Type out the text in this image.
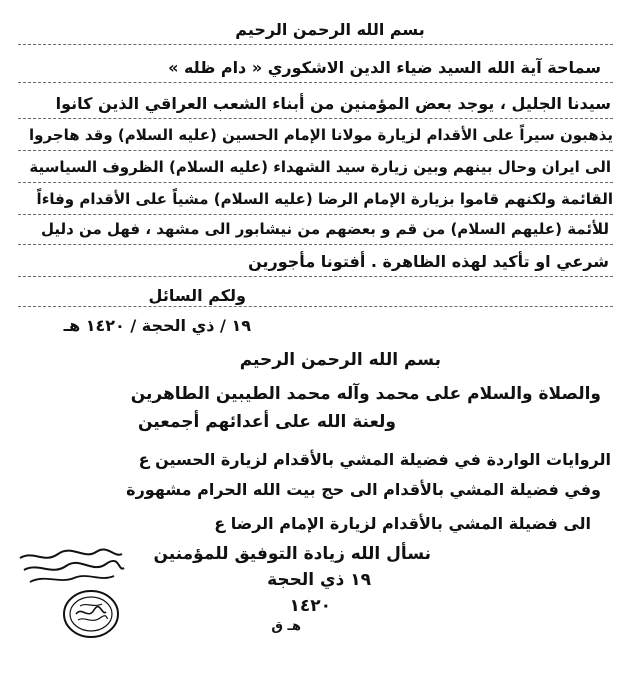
بسم الله الرحمن الرحيم
سماحة آية الله السيد ضياء الدين الاشكوري « دام ظله »
سيدنا الجليل ، يوجد بعض المؤمنين من أبناء الشعب العراقي الذين كانوا
يذهبون سيراً على الأقدام لزيارة مولانا الإمام الحسين (عليه السلام) وقد هاجروا
الى ايران وحال بينهم وبين زيارة سيد الشهداء (عليه السلام) الظروف السياسية
القائمة ولكنهم قاموا بزيارة الإمام الرضا (عليه السلام) مشياً على الأقدام وفاءاً
للأئمة (عليهم السلام) من قم و بعضهم من نيشابور الى مشهد ، فهل من دليل
شرعي او تأكيد لهذه الظاهرة . أفتونا مأجورين
ولكم السائل
١٩ / ذي الحجة / ١٤٢٠ هـ
بسم الله الرحمن الرحيم
والصلاة والسلام على محمد وآله محمد الطيبين الطاهرين
ولعنة الله على أعدائهم أجمعين
الروايات الواردة في فضيلة المشي بالأقدام لزيارة الحسين ع
وفي فضيلة المشي بالأقدام الى حج بيت الله الحرام مشهورة
الى فضيلة المشي بالأقدام لزيارة الإمام الرضا ع
نسأل الله زيادة التوفيق للمؤمنين
١٩ ذي الحجة
١٤٢٠
هـ ق
